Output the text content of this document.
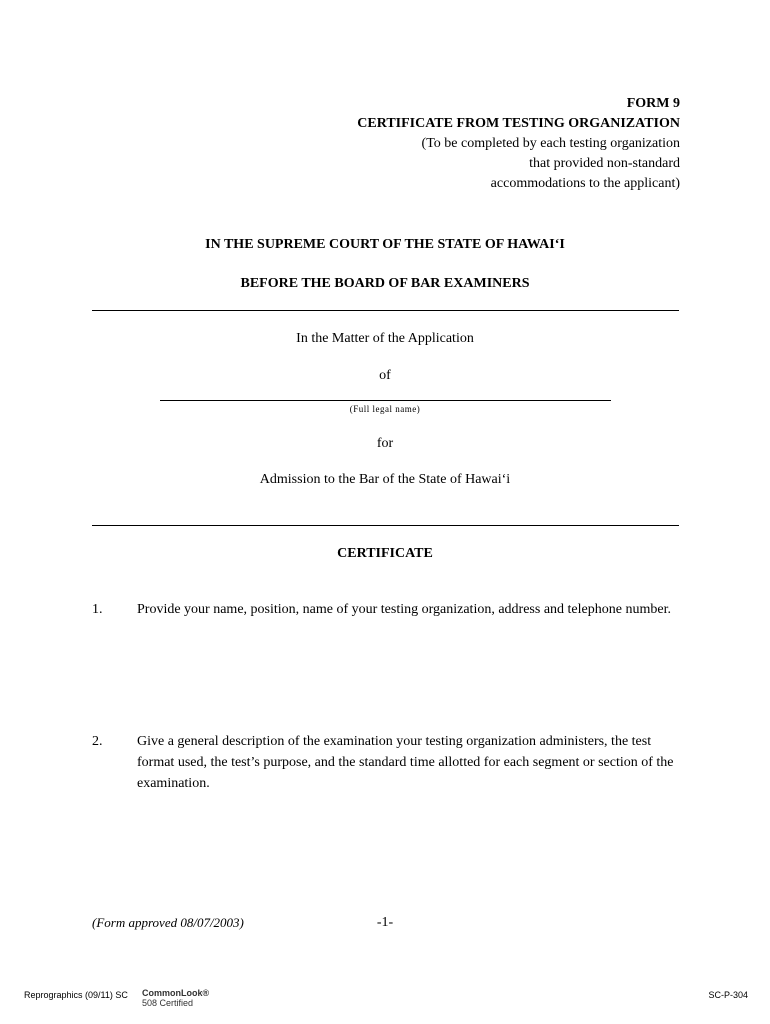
FORM 9
CERTIFICATE FROM TESTING ORGANIZATION
(To be completed by each testing organization
that provided non-standard
accommodations to the applicant)
IN THE SUPREME COURT OF THE STATE OF HAWAIʻI
BEFORE THE BOARD OF BAR EXAMINERS
In the Matter of the Application
of
(Full legal name)
for
Admission to the Bar of the State of Hawaiʻi
CERTIFICATE
1. Provide your name, position, name of your testing organization, address and telephone number.
2. Give a general description of the examination your testing organization administers, the test format used, the test’s purpose, and the standard time allotted for each segment or section of the examination.
(Form approved 08/07/2003)	-1-
Reprographics (09/11) SC CommonLook®
508 Certified
SC-P-304
